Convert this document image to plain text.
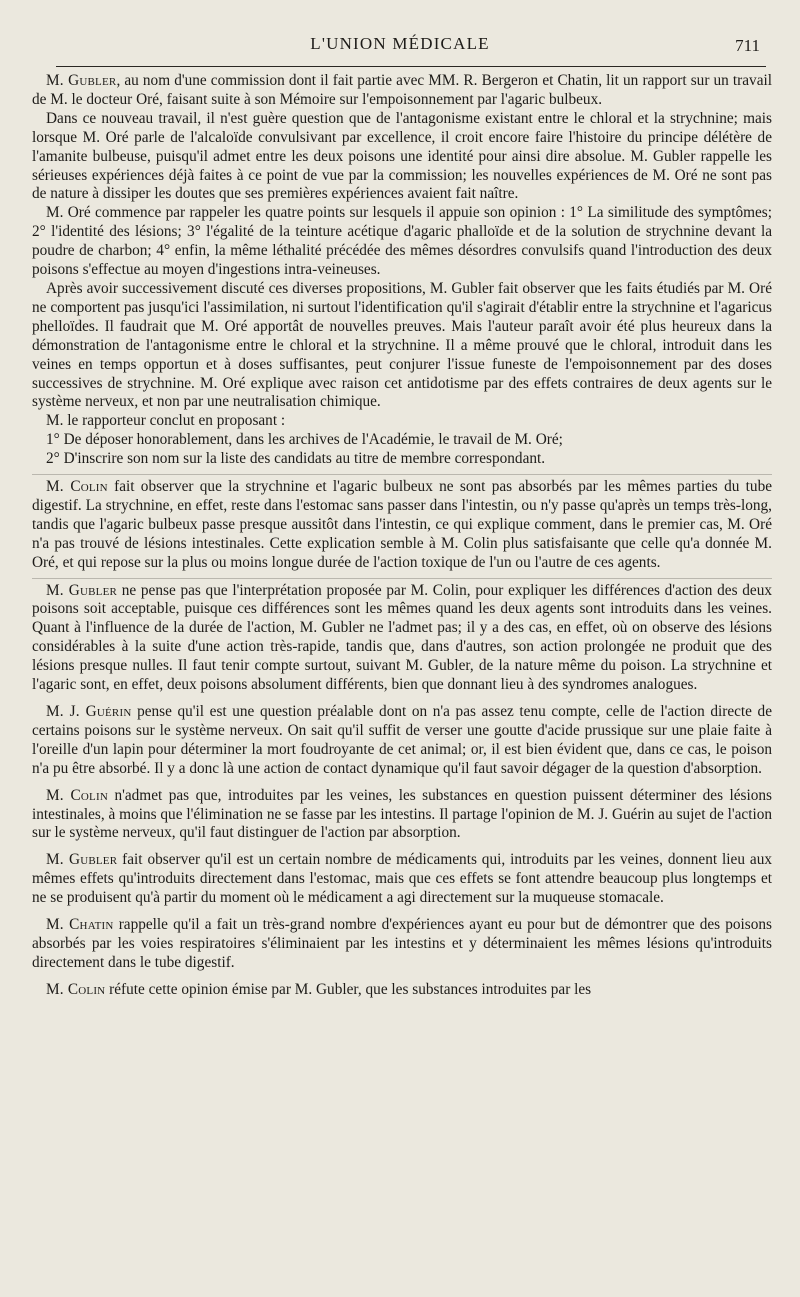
L'UNION MÉDICALE	711

M. Gubler, au nom d'une commission dont il fait partie avec MM. R. Bergeron et Chatin, lit un rapport sur un travail de M. le docteur Oré, faisant suite à son Mémoire sur l'empoisonnement par l'agaric bulbeux.

Dans ce nouveau travail, il n'est guère question que de l'antagonisme existant entre le chloral et la strychnine; mais lorsque M. Oré parle de l'alcaloïde convulsivant par excellence, il croit encore faire l'histoire du principe délétère de l'amanite bulbeuse, puisqu'il admet entre les deux poisons une identité pour ainsi dire absolue. M. Gubler rappelle les sérieuses expériences déjà faites à ce point de vue par la commission; les nouvelles expériences de M. Oré ne sont pas de nature à dissiper les doutes que ses premières expériences avaient fait naître.

M. Oré commence par rappeler les quatre points sur lesquels il appuie son opinion : 1° La similitude des symptômes; 2° l'identité des lésions; 3° l'égalité de la teinture acétique d'agaric phalloïde et de la solution de strychnine devant la poudre de charbon; 4° enfin, la même léthalité précédée des mêmes désordres convulsifs quand l'introduction des deux poisons s'effectue au moyen d'ingestions intra-veineuses.

Après avoir successivement discuté ces diverses propositions, M. Gubler fait observer que les faits étudiés par M. Oré ne comportent pas jusqu'ici l'assimilation, ni surtout l'identification qu'il s'agirait d'établir entre la strychnine et l'agaricus phelloïdes. Il faudrait que M. Oré apportât de nouvelles preuves. Mais l'auteur paraît avoir été plus heureux dans la démonstration de l'antagonisme entre le chloral et la strychnine. Il a même prouvé que le chloral, introduit dans les veines en temps opportun et à doses suffisantes, peut conjurer l'issue funeste de l'empoisonnement par des doses successives de strychnine. M. Oré explique avec raison cet antidotisme par des effets contraires de deux agents sur le système nerveux, et non par une neutralisation chimique.

M. le rapporteur conclut en proposant :

1° De déposer honorablement, dans les archives de l'Académie, le travail de M. Oré;

2° D'inscrire son nom sur la liste des candidats au titre de membre correspondant.

M. Colin fait observer que la strychnine et l'agaric bulbeux ne sont pas absorbés par les mêmes parties du tube digestif. La strychnine, en effet, reste dans l'estomac sans passer dans l'intestin, ou n'y passe qu'après un temps très-long, tandis que l'agaric bulbeux passe presque aussitôt dans l'intestin, ce qui explique comment, dans le premier cas, M. Oré n'a pas trouvé de lésions intestinales. Cette explication semble à M. Colin plus satisfaisante que celle qu'a donnée M. Oré, et qui repose sur la plus ou moins longue durée de l'action toxique de l'un ou l'autre de ces agents.

M. Gubler ne pense pas que l'interprétation proposée par M. Colin, pour expliquer les différences d'action des deux poisons soit acceptable, puisque ces différences sont les mêmes quand les deux agents sont introduits dans les veines. Quant à l'influence de la durée de l'action, M. Gubler ne l'admet pas; il y a des cas, en effet, où on observe des lésions considérables à la suite d'une action très-rapide, tandis que, dans d'autres, son action prolongée ne produit que des lésions presque nulles. Il faut tenir compte surtout, suivant M. Gubler, de la nature même du poison. La strychnine et l'agaric sont, en effet, deux poisons absolument différents, bien que donnant lieu à des syndromes analogues.

M. J. Guérin pense qu'il est une question préalable dont on n'a pas assez tenu compte, celle de l'action directe de certains poisons sur le système nerveux. On sait qu'il suffit de verser une goutte d'acide prussique sur une plaie faite à l'oreille d'un lapin pour déterminer la mort foudroyante de cet animal; or, il est bien évident que, dans ce cas, le poison n'a pu être absorbé. Il y a donc là une action de contact dynamique qu'il faut savoir dégager de la question d'absorption.

M. Colin n'admet pas que, introduites par les veines, les substances en question puissent déterminer des lésions intestinales, à moins que l'élimination ne se fasse par les intestins. Il partage l'opinion de M. J. Guérin au sujet de l'action sur le système nerveux, qu'il faut distinguer de l'action par absorption.

M. Gubler fait observer qu'il est un certain nombre de médicaments qui, introduits par les veines, donnent lieu aux mêmes effets qu'introduits directement dans l'estomac, mais que ces effets se font attendre beaucoup plus longtemps et ne se produisent qu'à partir du moment où le médicament a agi directement sur la muqueuse stomacale.

M. Chatin rappelle qu'il a fait un très-grand nombre d'expériences ayant eu pour but de démontrer que des poisons absorbés par les voies respiratoires s'éliminaient par les intestins et y déterminaient les mêmes lésions qu'introduits directement dans le tube digestif.

M. Colin réfute cette opinion émise par M. Gubler, que les substances introduites par les
